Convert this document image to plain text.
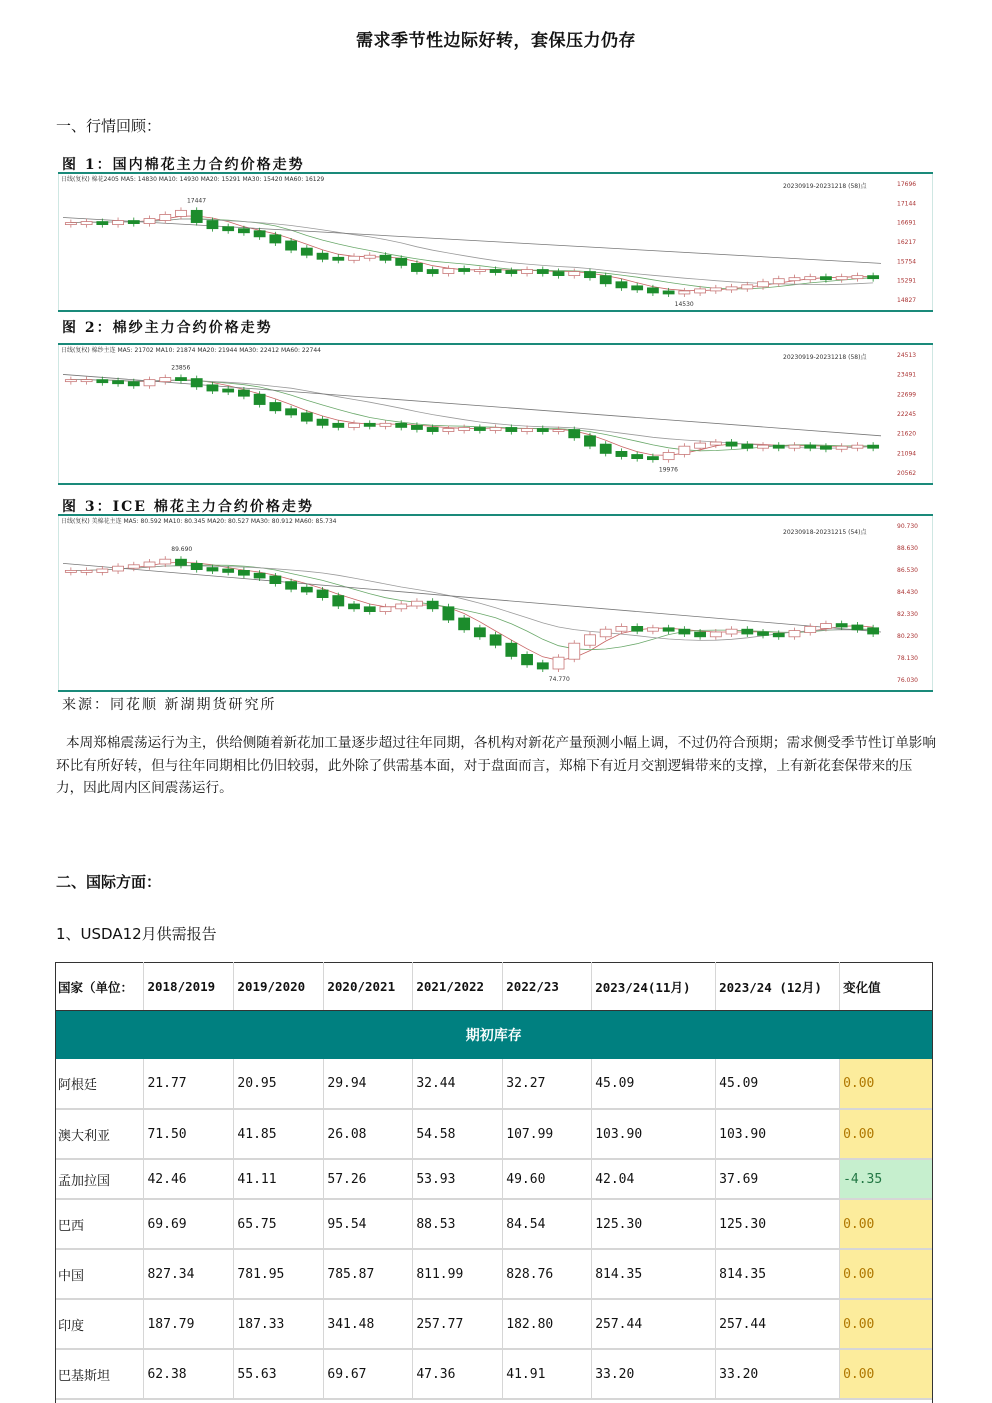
需求季节性边际好转，套保压力仍存
一、行情回顾：
图 1：国内棉花主力合约价格走势
日线(复权) 棉花2405 MA5: 14830 MA10: 14930 MA20: 15291 MA30: 15420 MA60: 16129
20230919-20231218 (58)点	17696
17144
16691
16217
15754
15291
14827
17447
14530
图 2：棉纱主力合约价格走势
日线(复权) 棉纱主连 MA5: 21702 MA10: 21874 MA20: 21944 MA30: 22412 MA60: 22744
20230919-20231218 (58)点	24513
23491
22699
22245
21620
21094
20562
23856
19976
图 3：ICE 棉花主力合约价格走势
日线(复权) 美棉花主连 MA5: 80.592 MA10: 80.345 MA20: 80.527 MA30: 80.912 MA60: 85.734
20230918-20231215 (54)点
90.730
88.630
86.530
84.430
82.330
80.230
78.130
76.030
89.690
74.770
来源：同花顺 新湖期货研究所
本周郑棉震荡运行为主，供给侧随着新花加工量逐步超过往年同期，各机构对新花产量预测小幅上调，不过仍符合预期；需求侧受季节性订单影响环比有所好转，但与往年同期相比仍旧较弱，此外除了供需基本面，对于盘面而言，郑棉下有近月交割逻辑带来的支撑，上有新花套保带来的压力，因此周内区间震荡运行。
二、国际方面：
1、USDA12月供需报告
国家（单位：	2018/2019	2019/2020	2020/2021	2021/2022	2022/23	2023/24(11月)	2023/24 (12月)	变化值
期初库存								
阿根廷	21.77	20.95	29.94	32.44	32.27	45.09	45.09	0.00
澳大利亚	71.50	41.85	26.08	54.58	107.99	103.90	103.90	0.00
孟加拉国	42.46	41.11	57.26	53.93	49.60	42.04	37.69	-4.35
巴西	69.69	65.75	95.54	88.53	84.54	125.30	125.30	0.00
中国	827.34	781.95	785.87	811.99	828.76	814.35	814.35	0.00
印度	187.79	187.33	341.48	257.77	182.80	257.44	257.44	0.00
巴基斯坦	62.38	55.63	69.67	47.36	41.91	33.20	33.20	0.00
